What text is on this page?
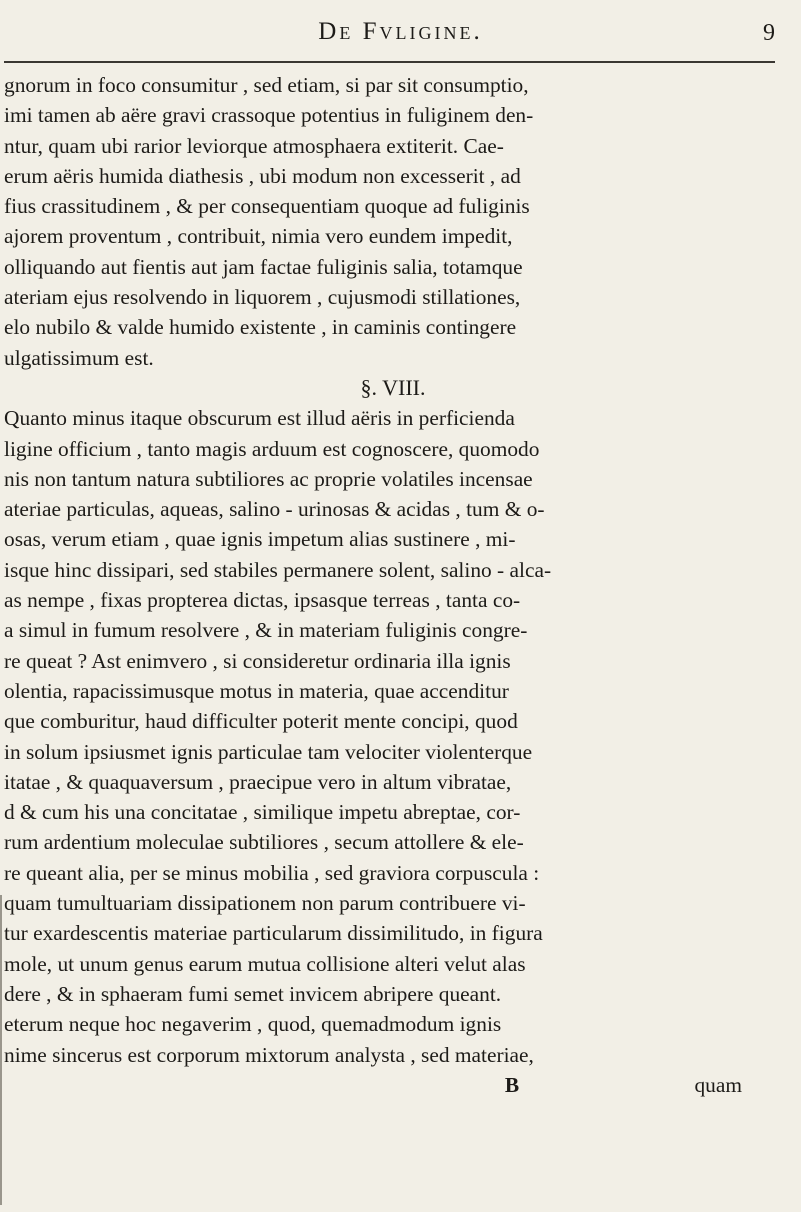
De Fvligine.	9
gnorum in foco consumitur , sed etiam, si par sit consumptio,
imi tamen ab aëre gravi crassoque potentius in fuliginem den-
ntur, quam ubi rarior leviorque atmosphaera extiterit. Cae-
erum aëris humida diathesis , ubi modum non excesserit , ad
fius crassitudinem , & per consequentiam quoque ad fuliginis
ajorem proventum , contribuit, nimia vero eundem impedit,
olliquando aut fientis aut jam factae fuliginis salia, totamque
ateriam ejus resolvendo in liquorem , cujusmodi stillationes,
elo nubilo & valde humido existente , in caminis contingere
ulgatissimum est.
§. VIII.
Quanto minus itaque obscurum est illud aëris in perficienda
ligine officium , tanto magis arduum est cognoscere, quomodo
nis non tantum natura subtiliores ac proprie volatiles incensae
ateriae particulas, aqueas, salino - urinosas & acidas , tum & o-
osas, verum etiam , quae ignis impetum alias sustinere , mi-
isque hinc dissipari, sed stabiles permanere solent, salino - alca-
as nempe , fixas propterea dictas, ipsasque terreas , tanta co-
a simul in fumum resolvere , & in materiam fuliginis congre-
re queat ? Ast enimvero , si consideretur ordinaria illa ignis
olentia, rapacissimusque motus in materia, quae accenditur
que comburitur, haud difficulter poterit mente concipi, quod
in solum ipsiusmet ignis particulae tam velociter violenterque
itatae , & quaquaversum , praecipue vero in altum vibratae,
d & cum his una concitatae , similique impetu abreptae, cor-
rum ardentium moleculae subtiliores , secum attollere & ele-
re queant alia, per se minus mobilia , sed graviora corpuscula :
quam tumultuariam dissipationem non parum contribuere vi-
tur exardescentis materiae particularum dissimilitudo, in figura
mole, ut unum genus earum mutua collisione alteri velut alas
dere , & in sphaeram fumi semet invicem abripere queant.
eterum neque hoc negaverim , quod, quemadmodum ignis
nime sincerus est corporum mixtorum analysta , sed materiae,
B	quam
